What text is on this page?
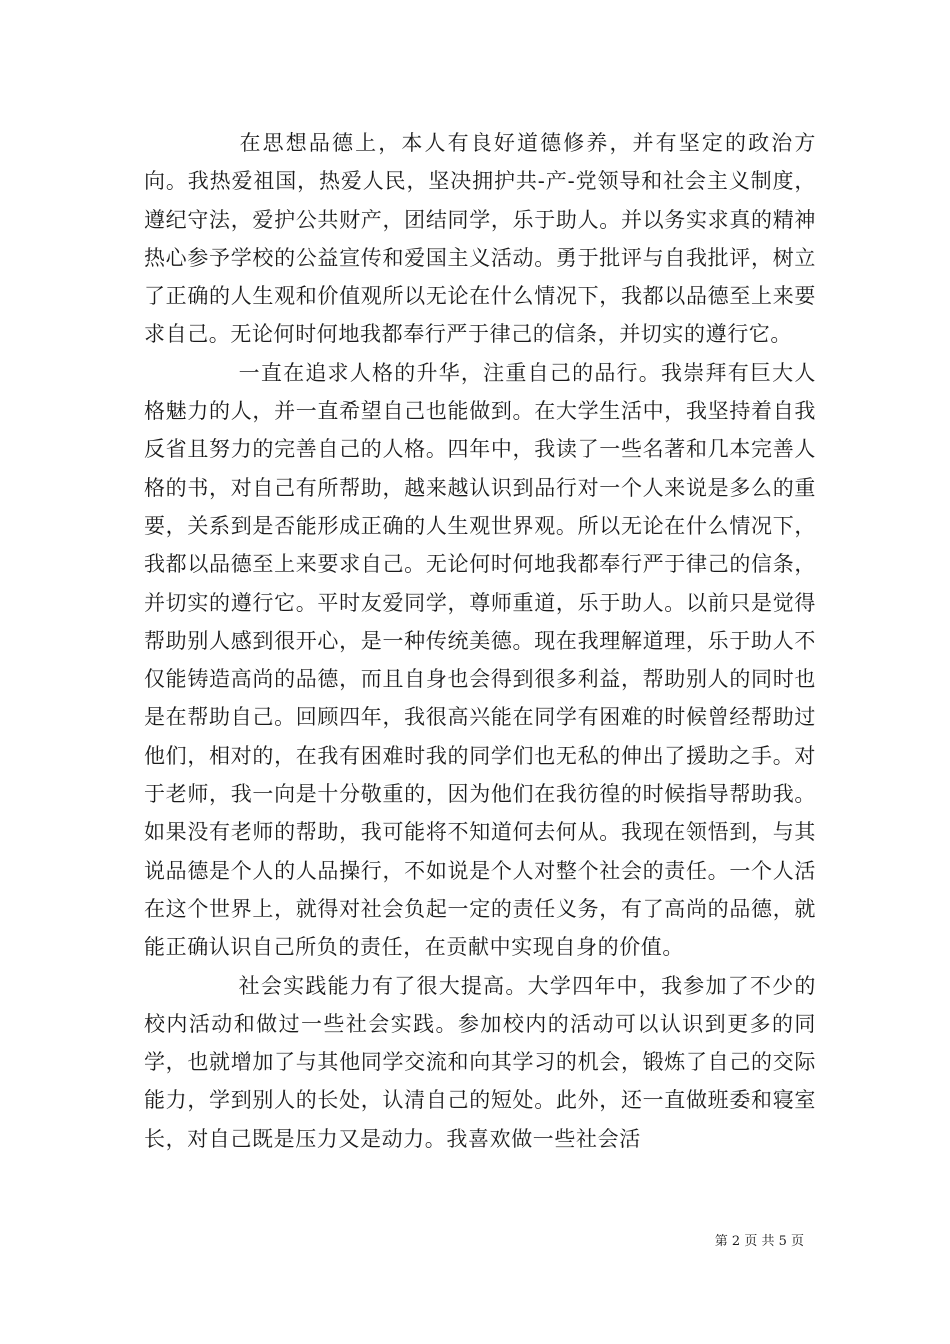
在思想品德上，本人有良好道德修养，并有坚定的政治方向。我热爱祖国，热爱人民，坚决拥护共-产-党领导和社会主义制度，遵纪守法，爱护公共财产，团结同学，乐于助人。并以务实求真的精神热心参予学校的公益宣传和爱国主义活动。勇于批评与自我批评，树立了正确的人生观和价值观所以无论在什么情况下，我都以品德至上来要求自己。无论何时何地我都奉行严于律己的信条，并切实的遵行它。

一直在追求人格的升华，注重自己的品行。我崇拜有巨大人格魅力的人，并一直希望自己也能做到。在大学生活中，我坚持着自我反省且努力的完善自己的人格。四年中，我读了一些名著和几本完善人格的书，对自己有所帮助，越来越认识到品行对一个人来说是多么的重要，关系到是否能形成正确的人生观世界观。所以无论在什么情况下，我都以品德至上来要求自己。无论何时何地我都奉行严于律己的信条，并切实的遵行它。平时友爱同学，尊师重道，乐于助人。以前只是觉得帮助别人感到很开心，是一种传统美德。现在我理解道理，乐于助人不仅能铸造高尚的品德，而且自身也会得到很多利益，帮助别人的同时也是在帮助自己。回顾四年，我很高兴能在同学有困难的时候曾经帮助过他们，相对的，在我有困难时我的同学们也无私的伸出了援助之手。对于老师，我一向是十分敬重的，因为他们在我彷徨的时候指导帮助我。如果没有老师的帮助，我可能将不知道何去何从。我现在领悟到，与其说品德是个人的人品操行，不如说是个人对整个社会的责任。一个人活在这个世界上，就得对社会负起一定的责任义务，有了高尚的品德，就能正确认识自己所负的责任，在贡献中实现自身的价值。

社会实践能力有了很大提高。大学四年中，我参加了不少的校内活动和做过一些社会实践。参加校内的活动可以认识到更多的同学，也就增加了与其他同学交流和向其学习的机会，锻炼了自己的交际能力，学到别人的长处，认清自己的短处。此外，还一直做班委和寝室长，对自己既是压力又是动力。我喜欢做一些社会活

第 2 页 共 5 页
